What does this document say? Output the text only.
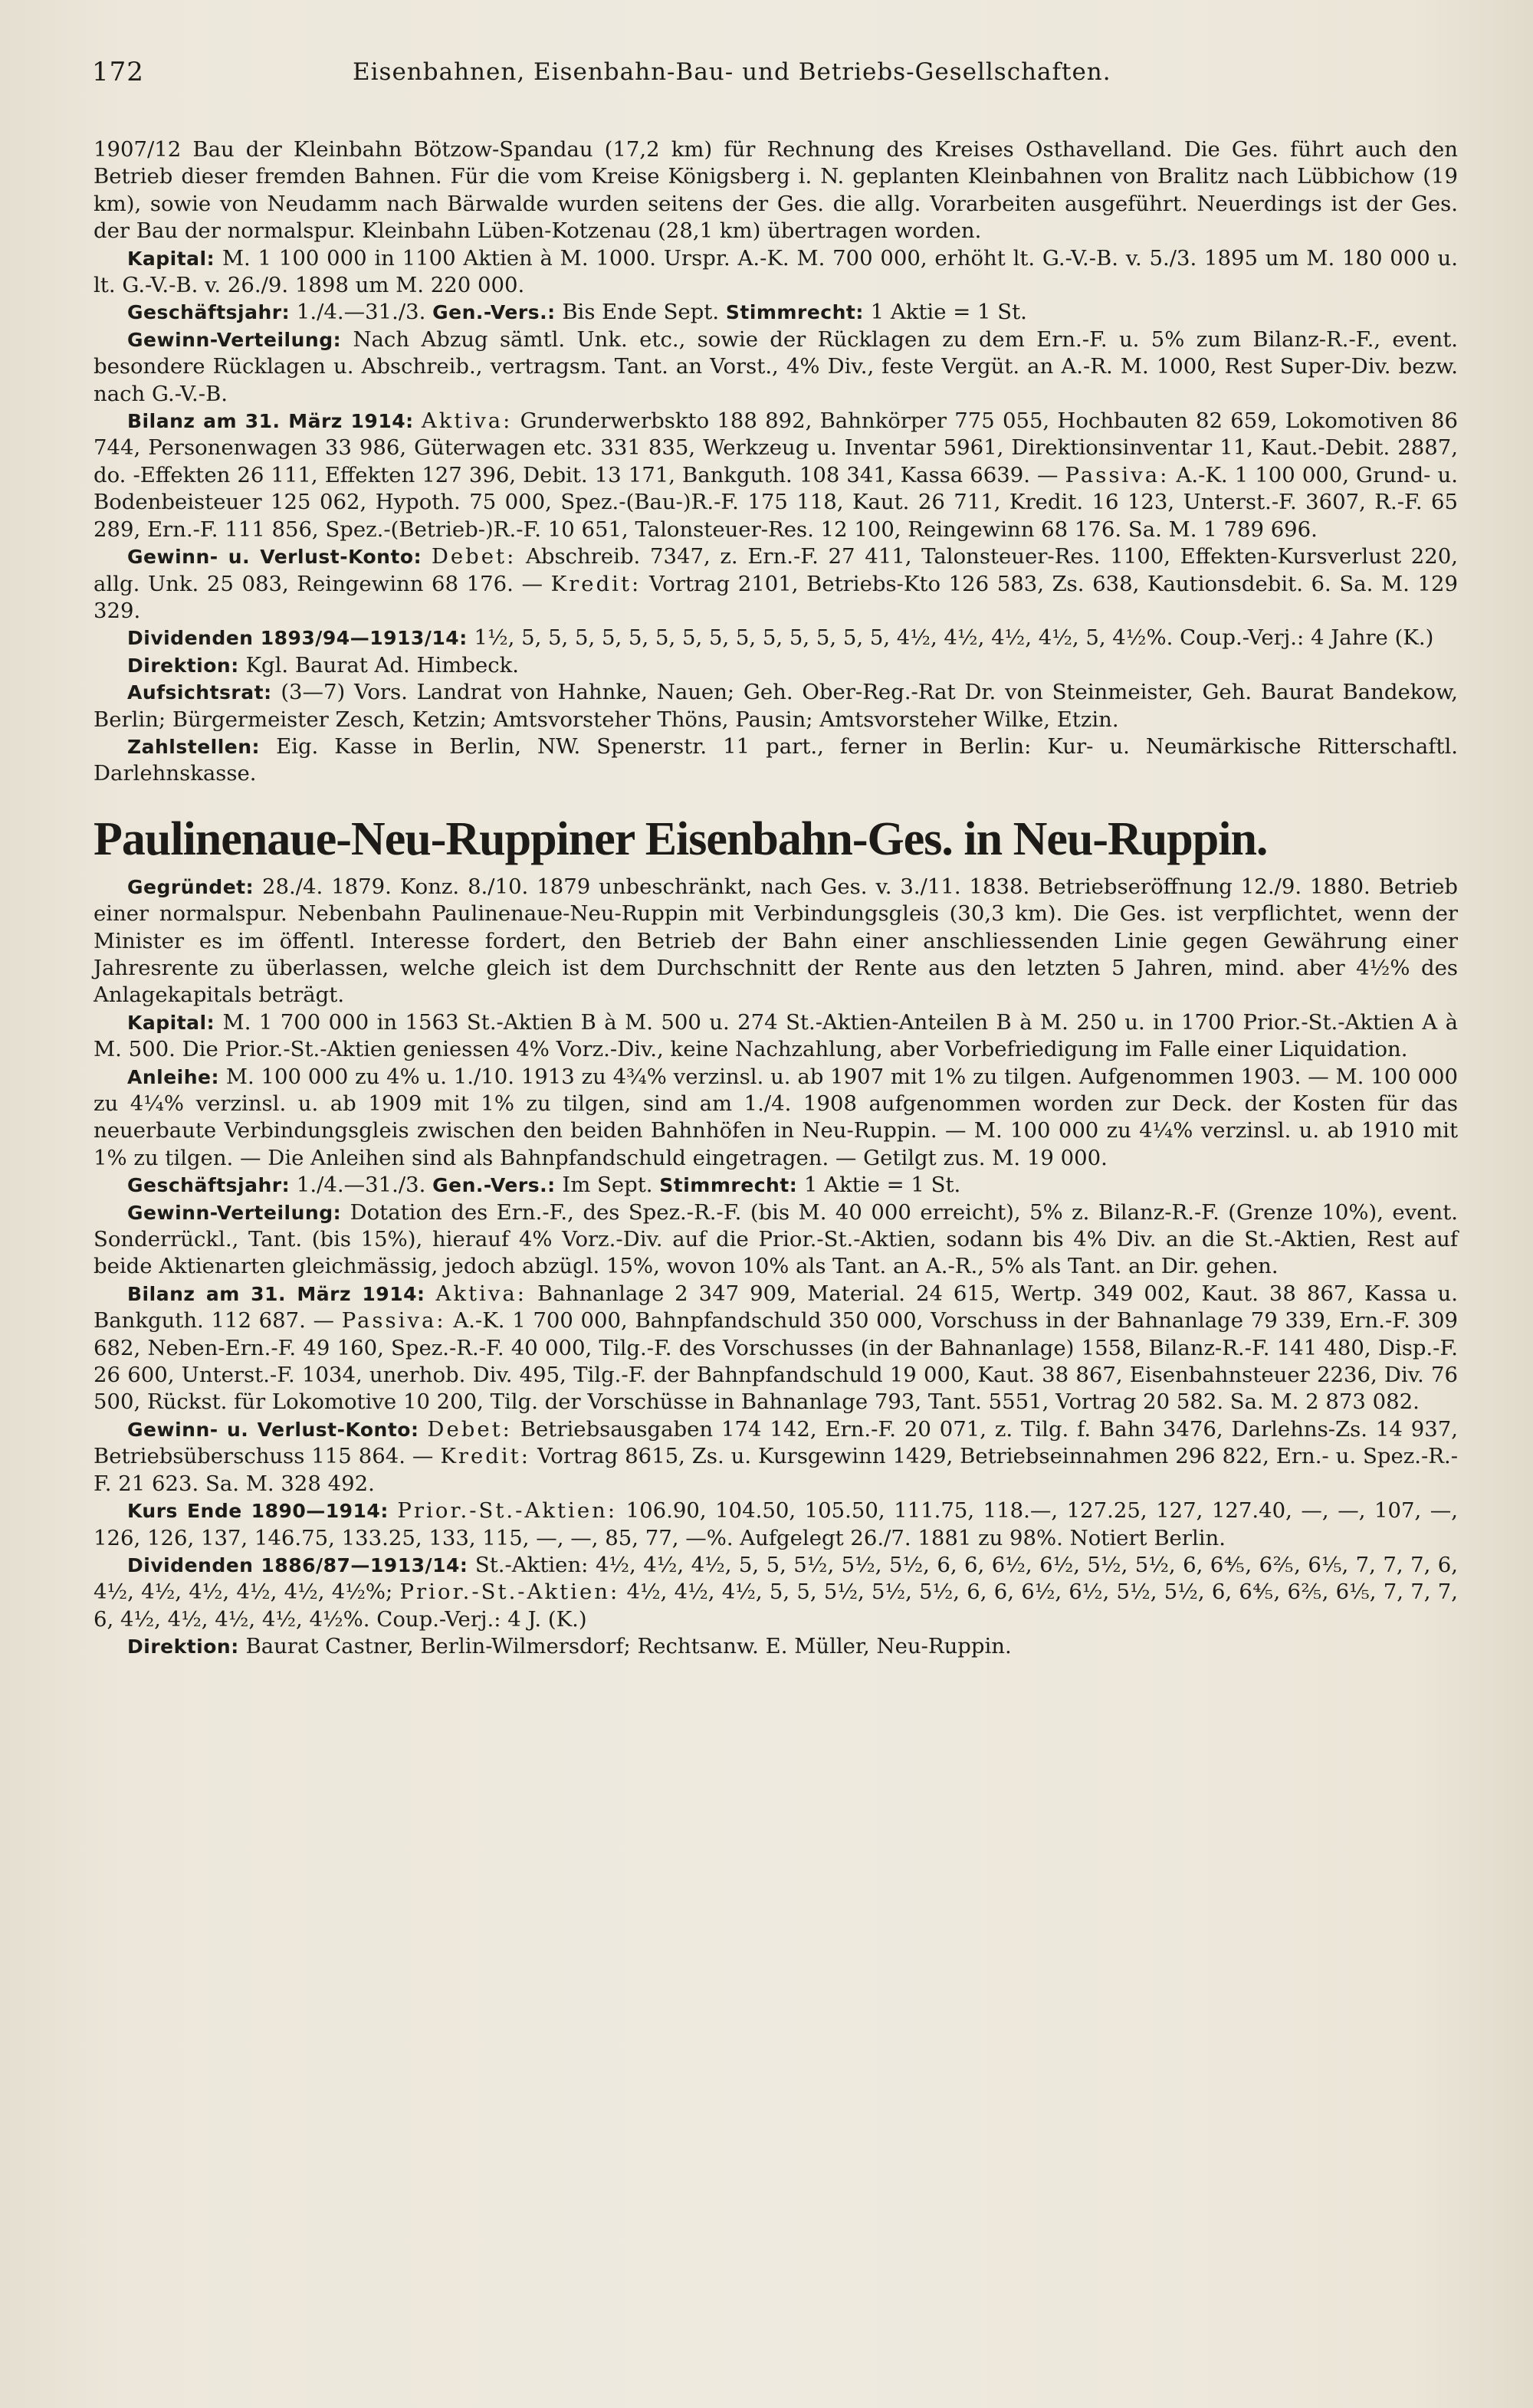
172	Eisenbahnen, Eisenbahn-Bau- und Betriebs-Gesellschaften.

1907/12 Bau der Kleinbahn Bötzow-Spandau (17,2 km) für Rechnung des Kreises Osthavelland. Die Ges. führt auch den Betrieb dieser fremden Bahnen. Für die vom Kreise Königsberg i. N. geplanten Kleinbahnen von Bralitz nach Lübbichow (19 km), sowie von Neudamm nach Bärwalde wurden seitens der Ges. die allg. Vorarbeiten ausgeführt. Neuerdings ist der Ges. der Bau der normalspur. Kleinbahn Lüben-Kotzenau (28,1 km) übertragen worden.

Kapital: M. 1 100 000 in 1100 Aktien à M. 1000. Urspr. A.-K. M. 700 000, erhöht lt. G.-V.-B. v. 5./3. 1895 um M. 180 000 u. lt. G.-V.-B. v. 26./9. 1898 um M. 220 000.

Geschäftsjahr: 1./4.—31./3. Gen.-Vers.: Bis Ende Sept. Stimmrecht: 1 Aktie = 1 St.

Gewinn-Verteilung: Nach Abzug sämtl. Unk. etc., sowie der Rücklagen zu dem Ern.-F. u. 5% zum Bilanz-R.-F., event. besondere Rücklagen u. Abschreib., vertragsm. Tant. an Vorst., 4% Div., feste Vergüt. an A.-R. M. 1000, Rest Super-Div. bezw. nach G.-V.-B.

Bilanz am 31. März 1914: Aktiva: Grunderwerbskto 188 892, Bahnkörper 775 055, Hochbauten 82 659, Lokomotiven 86 744, Personenwagen 33 986, Güterwagen etc. 331 835, Werkzeug u. Inventar 5961, Direktionsinventar 11, Kaut.-Debit. 2887, do. -Effekten 26 111, Effekten 127 396, Debit. 13 171, Bankguth. 108 341, Kassa 6639. — Passiva: A.-K. 1 100 000, Grund- u. Bodenbeisteuer 125 062, Hypoth. 75 000, Spez.-(Bau-)R.-F. 175 118, Kaut. 26 711, Kredit. 16 123, Unterst.-F. 3607, R.-F. 65 289, Ern.-F. 111 856, Spez.-(Betrieb-)R.-F. 10 651, Talonsteuer-Res. 12 100, Reingewinn 68 176. Sa. M. 1 789 696.

Gewinn- u. Verlust-Konto: Debet: Abschreib. 7347, z. Ern.-F. 27 411, Talonsteuer-Res. 1100, Effekten-Kursverlust 220, allg. Unk. 25 083, Reingewinn 68 176. — Kredit: Vortrag 2101, Betriebs-Kto 126 583, Zs. 638, Kautionsdebit. 6. Sa. M. 129 329.

Dividenden 1893/94—1913/14: 1½, 5, 5, 5, 5, 5, 5, 5, 5, 5, 5, 5, 5, 5, 5, 4½, 4½, 4½, 4½, 5, 4½%. Coup.-Verj.: 4 Jahre (K.)

Direktion: Kgl. Baurat Ad. Himbeck.

Aufsichtsrat: (3—7) Vors. Landrat von Hahnke, Nauen; Geh. Ober-Reg.-Rat Dr. von Steinmeister, Geh. Baurat Bandekow, Berlin; Bürgermeister Zesch, Ketzin; Amtsvorsteher Thöns, Pausin; Amtsvorsteher Wilke, Etzin.

Zahlstellen: Eig. Kasse in Berlin, NW. Spenerstr. 11 part., ferner in Berlin: Kur- u. Neumärkische Ritterschaftl. Darlehnskasse.

Paulinenaue-Neu-Ruppiner Eisenbahn-Ges. in Neu-Ruppin.

Gegründet: 28./4. 1879. Konz. 8./10. 1879 unbeschränkt, nach Ges. v. 3./11. 1838. Betriebseröffnung 12./9. 1880. Betrieb einer normalspur. Nebenbahn Paulinenaue-Neu-Ruppin mit Verbindungsgleis (30,3 km). Die Ges. ist verpflichtet, wenn der Minister es im öffentl. Interesse fordert, den Betrieb der Bahn einer anschliessenden Linie gegen Gewährung einer Jahresrente zu überlassen, welche gleich ist dem Durchschnitt der Rente aus den letzten 5 Jahren, mind. aber 4½% des Anlagekapitals beträgt.

Kapital: M. 1 700 000 in 1563 St.-Aktien B à M. 500 u. 274 St.-Aktien-Anteilen B à M. 250 u. in 1700 Prior.-St.-Aktien A à M. 500. Die Prior.-St.-Aktien geniessen 4% Vorz.-Div., keine Nachzahlung, aber Vorbefriedigung im Falle einer Liquidation.

Anleihe: M. 100 000 zu 4% u. 1./10. 1913 zu 4¾% verzinsl. u. ab 1907 mit 1% zu tilgen. Aufgenommen 1903. — M. 100 000 zu 4¼% verzinsl. u. ab 1909 mit 1% zu tilgen, sind am 1./4. 1908 aufgenommen worden zur Deck. der Kosten für das neuerbaute Verbindungsgleis zwischen den beiden Bahnhöfen in Neu-Ruppin. — M. 100 000 zu 4¼% verzinsl. u. ab 1910 mit 1% zu tilgen. — Die Anleihen sind als Bahnpfandschuld eingetragen. — Getilgt zus. M. 19 000.

Geschäftsjahr: 1./4.—31./3. Gen.-Vers.: Im Sept. Stimmrecht: 1 Aktie = 1 St.

Gewinn-Verteilung: Dotation des Ern.-F., des Spez.-R.-F. (bis M. 40 000 erreicht), 5% z. Bilanz-R.-F. (Grenze 10%), event. Sonderrückl., Tant. (bis 15%), hierauf 4% Vorz.-Div. auf die Prior.-St.-Aktien, sodann bis 4% Div. an die St.-Aktien, Rest auf beide Aktienarten gleichmässig, jedoch abzügl. 15%, wovon 10% als Tant. an A.-R., 5% als Tant. an Dir. gehen.

Bilanz am 31. März 1914: Aktiva: Bahnanlage 2 347 909, Material. 24 615, Wertp. 349 002, Kaut. 38 867, Kassa u. Bankguth. 112 687. — Passiva: A.-K. 1 700 000, Bahnpfandschuld 350 000, Vorschuss in der Bahnanlage 79 339, Ern.-F. 309 682, Neben-Ern.-F. 49 160, Spez.-R.-F. 40 000, Tilg.-F. des Vorschusses (in der Bahnanlage) 1558, Bilanz-R.-F. 141 480, Disp.-F. 26 600, Unterst.-F. 1034, unerhob. Div. 495, Tilg.-F. der Bahnpfandschuld 19 000, Kaut. 38 867, Eisenbahnsteuer 2236, Div. 76 500, Rückst. für Lokomotive 10 200, Tilg. der Vorschüsse in Bahnanlage 793, Tant. 5551, Vortrag 20 582. Sa. M. 2 873 082.

Gewinn- u. Verlust-Konto: Debet: Betriebsausgaben 174 142, Ern.-F. 20 071, z. Tilg. f. Bahn 3476, Darlehns-Zs. 14 937, Betriebsüberschuss 115 864. — Kredit: Vortrag 8615, Zs. u. Kursgewinn 1429, Betriebseinnahmen 296 822, Ern.- u. Spez.-R.-F. 21 623. Sa. M. 328 492.

Kurs Ende 1890—1914: Prior.-St.-Aktien: 106.90, 104.50, 105.50, 111.75, 118.—, 127.25, 127, 127.40, —, —, 107, —, 126, 126, 137, 146.75, 133.25, 133, 115, —, —, 85, 77, —%. Aufgelegt 26./7. 1881 zu 98%. Notiert Berlin.

Dividenden 1886/87—1913/14: St.-Aktien: 4½, 4½, 4½, 5, 5, 5½, 5½, 5½, 6, 6, 6½, 6½, 5½, 5½, 6, 6⅘, 6⅖, 6⅕, 7, 7, 7, 6, 4½, 4½, 4½, 4½, 4½, 4½%; Prior.-St.-Aktien: 4½, 4½, 4½, 5, 5, 5½, 5½, 5½, 6, 6, 6½, 6½, 5½, 5½, 6, 6⅘, 6⅖, 6⅕, 7, 7, 7, 6, 4½, 4½, 4½, 4½, 4½%. Coup.-Verj.: 4 J. (K.)

Direktion: Baurat Castner, Berlin-Wilmersdorf; Rechtsanw. E. Müller, Neu-Ruppin.
